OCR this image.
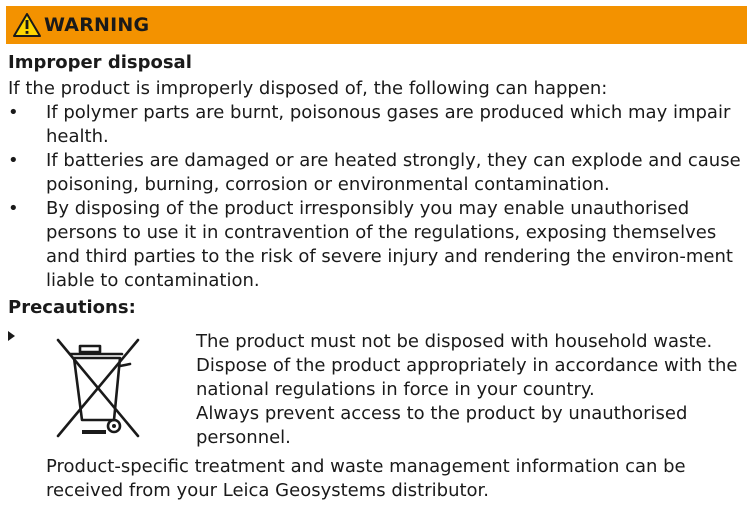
WARNING
Improper disposal
If the product is improperly disposed of, the following can happen:
• If polymer parts are burnt, poisonous gases are produced which may impair health.
• If batteries are damaged or are heated strongly, they can explode and cause poisoning, burning, corrosion or environmental contamination.
• By disposing of the product irresponsibly you may enable unauthorised persons to use it in contravention of the regulations, exposing themselves and third parties to the risk of severe injury and rendering the environ-ment liable to contamination.
Precautions:
The product must not be disposed with household waste.
Dispose of the product appropriately in accordance with the national regulations in force in your country.
Always prevent access to the product by unauthorised personnel.
Product-specific treatment and waste management information can be received from your Leica Geosystems distributor.
